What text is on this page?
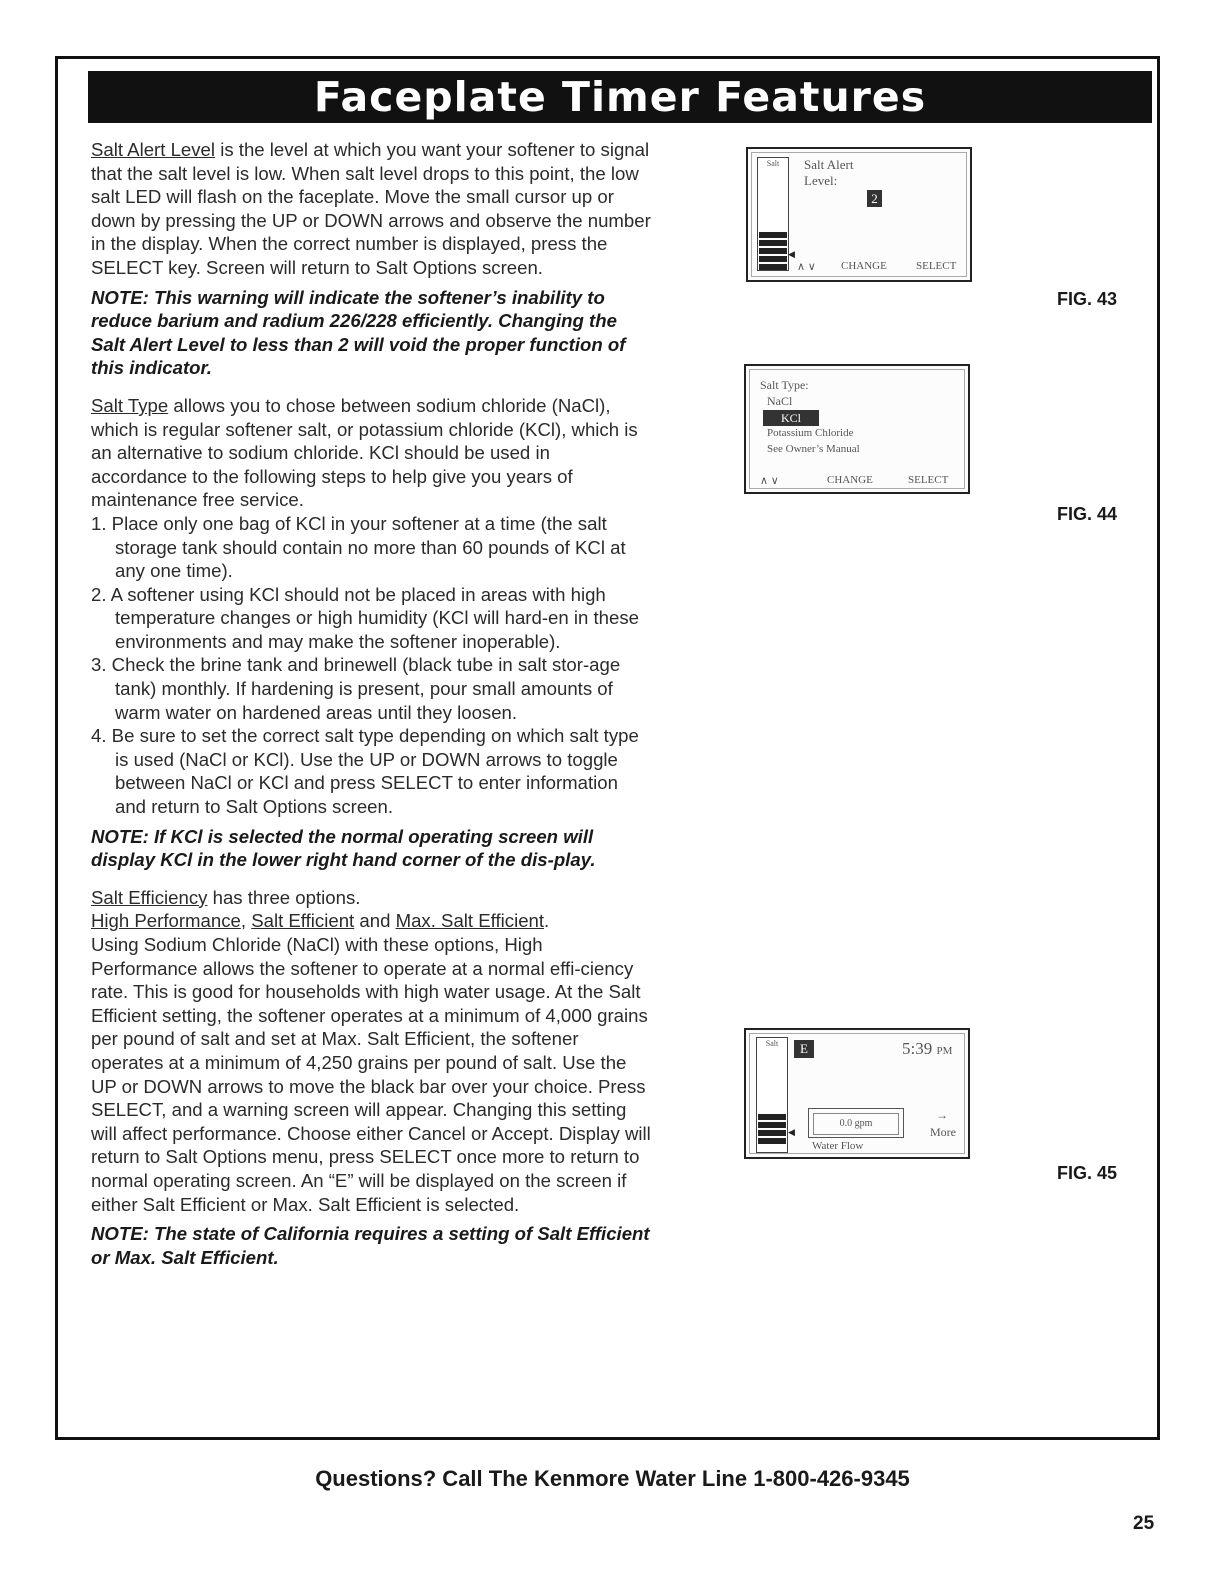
Faceplate Timer Features

Salt Alert Level is the level at which you want your softener to signal that the salt level is low. When salt level drops to this point, the low salt LED will flash on the faceplate. Move the small cursor up or down by pressing the UP or DOWN arrows and observe the number in the display. When the correct number is displayed, press the SELECT key. Screen will return to Salt Options screen.

NOTE: This warning will indicate the softener’s inability to reduce barium and radium 226/228 efficiently. Changing the Salt Alert Level to less than 2 will void the proper function of this indicator.

Salt Type allows you to chose between sodium chloride (NaCl), which is regular softener salt, or potassium chloride (KCl), which is an alternative to sodium chloride. KCl should be used in accordance to the following steps to help give you years of maintenance free service.

1. Place only one bag of KCl in your softener at a time (the salt storage tank should contain no more than 60 pounds of KCl at any one time).
2. A softener using KCl should not be placed in areas with high temperature changes or high humidity (KCl will hard-en in these environments and may make the softener inoperable).
3. Check the brine tank and brinewell (black tube in salt stor-age tank) monthly. If hardening is present, pour small amounts of warm water on hardened areas until they loosen.
4. Be sure to set the correct salt type depending on which salt type is used (NaCl or KCl). Use the UP or DOWN arrows to toggle between NaCl or KCl and press SELECT to enter information and return to Salt Options screen.

NOTE: If KCl is selected the normal operating screen will display KCl in the lower right hand corner of the dis-play.

Salt Efficiency has three options.

High Performance, Salt Efficient and Max. Salt Efficient.

Using Sodium Chloride (NaCl) with these options, High Performance allows the softener to operate at a normal effi-ciency rate. This is good for households with high water usage. At the Salt Efficient setting, the softener operates at a minimum of 4,000 grains per pound of salt and set at Max. Salt Efficient, the softener operates at a minimum of 4,250 grains per pound of salt. Use the UP or DOWN arrows to move the black bar over your choice. Press SELECT, and a warning screen will appear. Changing this setting will affect performance. Choose either Cancel or Accept. Display will return to Salt Options menu, press SELECT once more to return to normal operating screen. An “E” will be displayed on the screen if either Salt Efficient or Max. Salt Efficient is selected.

NOTE: The state of California requires a setting of Salt Efficient or Max. Salt Efficient.

Salt
◀
Salt Alert
Level:
2
∧ ∨ CHANGE	SELECT
FIG. 43
Salt Type:
NaCl
KCl
Potassium Chloride
See Owner’s Manual
∧ ∨	CHANGE	SELECT
FIG. 44
Salt
◀
E	5:39 PM
0.0 gpm
Water Flow
→
More
FIG. 45
Questions? Call The Kenmore Water Line 1-800-426-9345
25
